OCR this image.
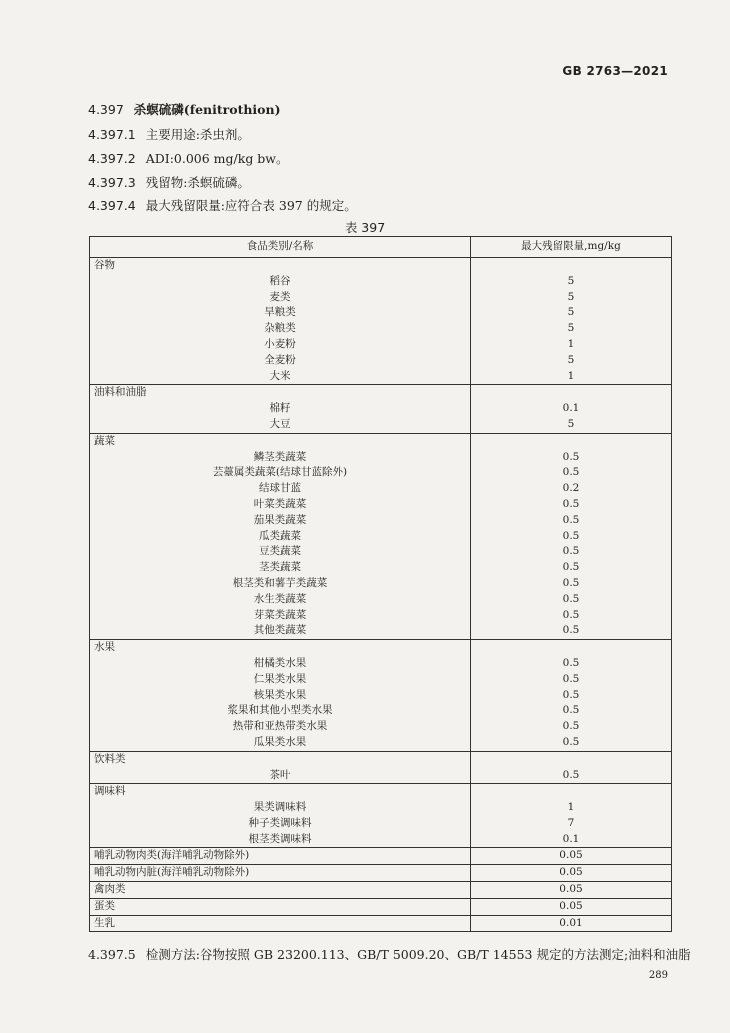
GB 2763—2021
4.397 杀螟硫磷(fenitrothion)
4.397.1 主要用途:杀虫剂。
4.397.2 ADI:0.006 mg/kg bw。
4.397.3 残留物:杀螟硫磷。
4.397.4 最大残留限量:应符合表 397 的规定。
表 397
食品类别/名称	最大残留限量,mg/kg
谷物	
稻谷	5
麦类	5
旱粮类	5
杂粮类	5
小麦粉	1
全麦粉	5
大米	1
油料和油脂	
棉籽	0.1
大豆	5
蔬菜	
鳞茎类蔬菜	0.5
芸薹属类蔬菜(结球甘蓝除外)	0.5
结球甘蓝	0.2
叶菜类蔬菜	0.5
茄果类蔬菜	0.5
瓜类蔬菜	0.5
豆类蔬菜	0.5
茎类蔬菜	0.5
根茎类和薯芋类蔬菜	0.5
水生类蔬菜	0.5
芽菜类蔬菜	0.5
其他类蔬菜	0.5
水果	
柑橘类水果	0.5
仁果类水果	0.5
核果类水果	0.5
浆果和其他小型类水果	0.5
热带和亚热带类水果	0.5
瓜果类水果	0.5
饮料类	
茶叶	0.5
调味料	
果类调味料	1
种子类调味料	7
根茎类调味料	0.1
哺乳动物肉类(海洋哺乳动物除外)	0.05
哺乳动物内脏(海洋哺乳动物除外)	0.05
禽肉类	0.05
蛋类	0.05
生乳	0.01
4.397.5 检测方法:谷物按照 GB 23200.113、GB/T 5009.20、GB/T 14553 规定的方法测定;油料和油脂
289
